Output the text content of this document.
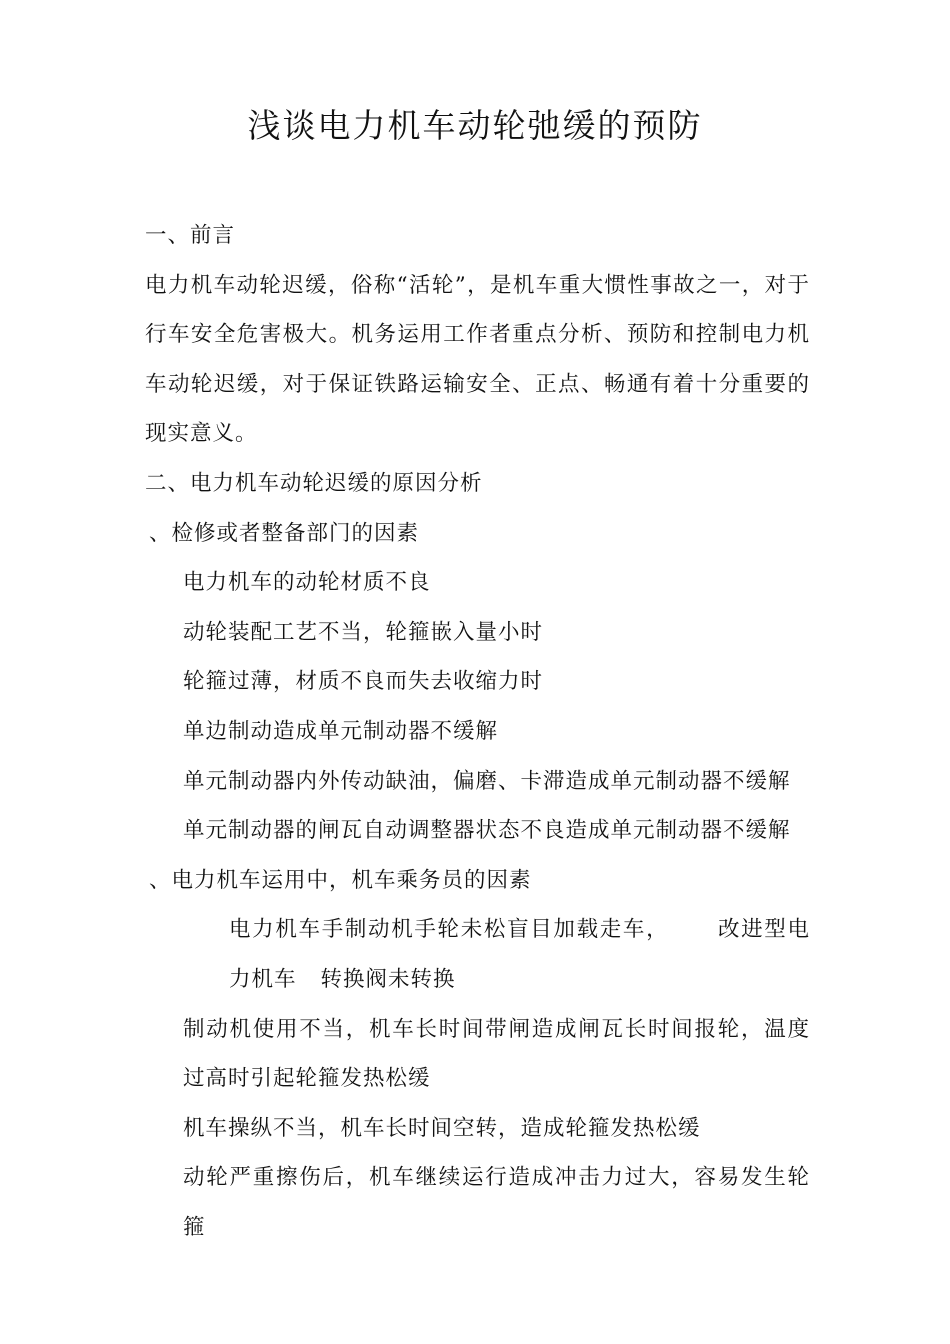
浅谈电力机车动轮弛缓的预防

一、前言

电力机车动轮迟缓，俗称“活轮”，是机车重大惯性事故之一，对于行车安全危害极大。机务运用工作者重点分析、预防和控制电力机车动轮迟缓，对于保证铁路运输安全、正点、畅通有着十分重要的现实意义。

二、电力机车动轮迟缓的原因分析

、检修或者整备部门的因素

电力机车的动轮材质不良

动轮装配工艺不当，轮箍嵌入量小时

轮箍过薄，材质不良而失去收缩力时

单边制动造成单元制动器不缓解

单元制动器内外传动缺油，偏磨、卡滞造成单元制动器不缓解

单元制动器的闸瓦自动调整器状态不良造成单元制动器不缓解

、电力机车运用中，机车乘务员的因素

电力机车手制动机手轮未松盲目加载走车， 改进型电力机车 转换阀未转换

制动机使用不当，机车长时间带闸造成闸瓦长时间报轮，温度过高时引起轮箍发热松缓

机车操纵不当，机车长时间空转，造成轮箍发热松缓

动轮严重擦伤后，机车继续运行造成冲击力过大，容易发生轮箍
